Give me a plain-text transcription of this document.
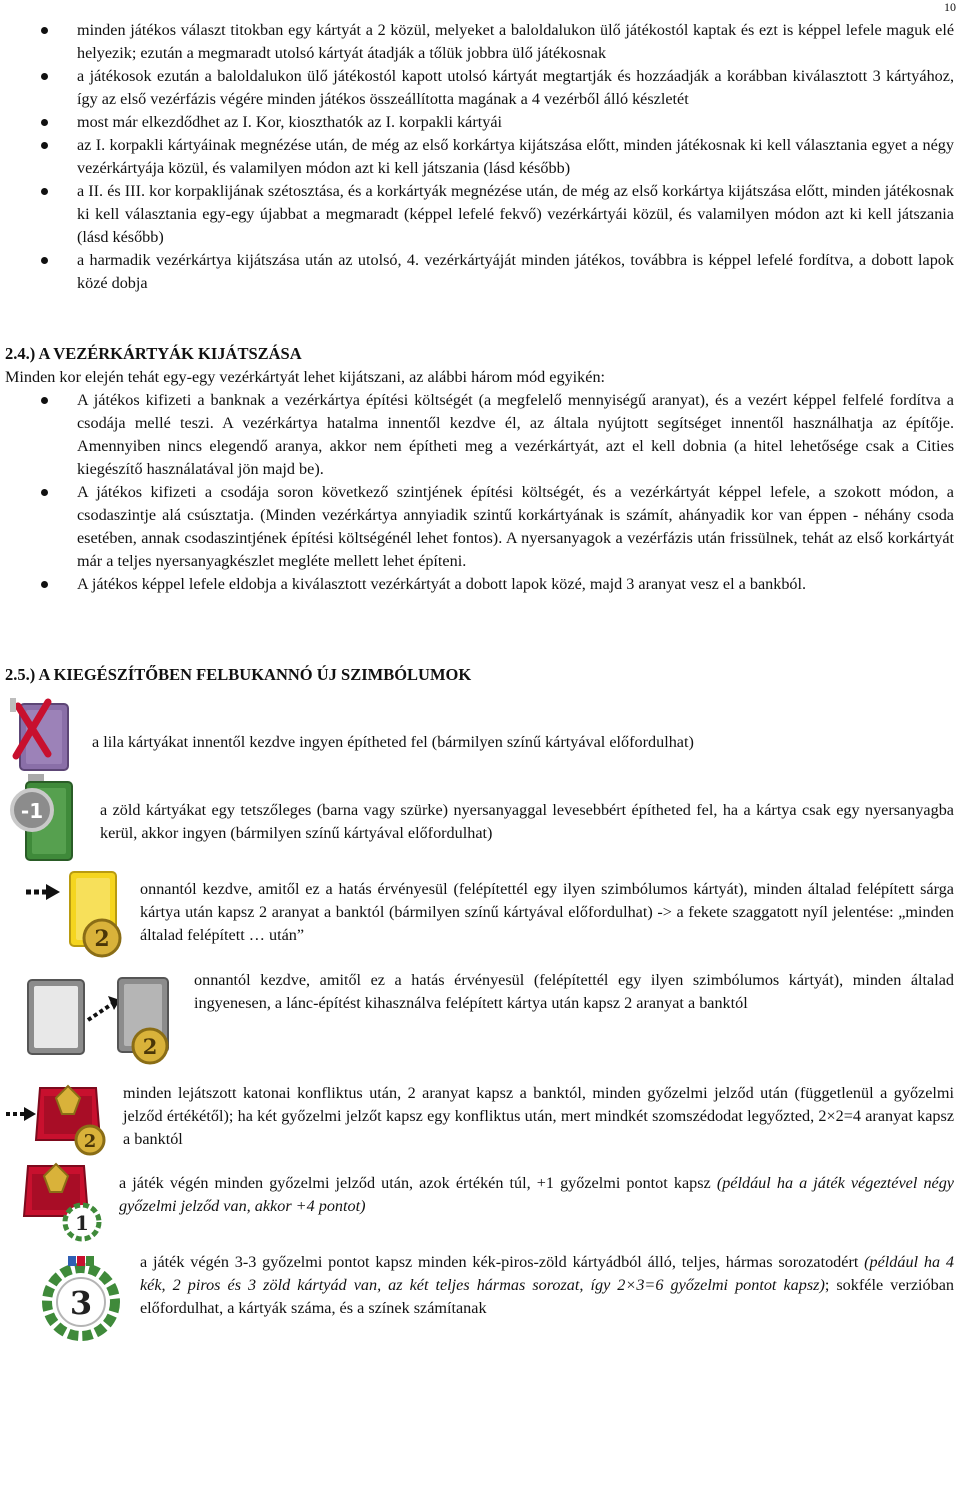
10
minden játékos választ titokban egy kártyát a 2 közül, melyeket a baloldalukon ülő játékostól kaptak és ezt is képpel lefele maguk elé helyezik; ezután a megmaradt utolsó kártyát átadják a tőlük jobbra ülő játékosnak
a játékosok ezután a baloldalukon ülő játékostól kapott utolsó kártyát megtartják és hozzáadják a korábban kiválasztott 3 kártyához, így az első vezérfázis végére minden játékos összeállította magának a 4 vezérből álló készletét
most már elkezdődhet az I. Kor, kioszthatók az I. korpakli kártyái
az I. korpakli kártyáinak megnézése után, de még az első korkártya kijátszása előtt, minden játékosnak ki kell választania egyet a négy vezérkártyája közül, és valamilyen módon azt ki kell játszania (lásd később)
a II. és III. kor korpaklijának szétosztása, és a korkártyák megnézése után, de még az első korkártya kijátszása előtt, minden játékosnak ki kell választania egy-egy újabbat a megmaradt (képpel lefelé fekvő) vezérkártyái közül, és valamilyen módon azt ki kell játszania (lásd később)
a harmadik vezérkártya kijátszása után az utolsó, 4. vezérkártyáját minden játékos, továbbra is képpel lefelé fordítva, a dobott lapok közé dobja
2.4.) A VEZÉRKÁRTYÁK KIJÁTSZÁSA

Minden kor elején tehát egy-egy vezérkártyát lehet kijátszani, az alábbi három mód egyikén:

A játékos kifizeti a banknak a vezérkártya építési költségét (a megfelelő mennyiségű aranyat), és a vezért képpel felfelé fordítva a csodája mellé teszi. A vezérkártya hatalma innentől kezdve él, az általa nyújtott segítséget innentől használhatja az építője. Amennyiben nincs elegendő aranya, akkor nem építheti meg a vezérkártyát, azt el kell dobnia (a hitel lehetősége csak a Cities kiegészítő használatával jön majd be).
A játékos kifizeti a csodája soron következő szintjének építési költségét, és a vezérkártyát képpel lefele, a szokott módon, a csodaszintje alá csúsztatja. (Minden vezérkártya annyiadik szintű korkártyának is számít, ahányadik kor van éppen - néhány csoda esetében, annak csodaszintjének építési költségénél lehet fontos). A nyersanyagok a vezérfázis után frissülnek, tehát az első korkártyát már a teljes nyersanyagkészlet megléte mellett lehet építeni.
A játékos képpel lefele eldobja a kiválasztott vezérkártyát a dobott lapok közé, majd 3 aranyat vesz el a bankból.
2.5.) A KIEGÉSZÍTŐBEN FELBUKANNÓ ÚJ SZIMBÓLUMOK

a lila kártyákat innentől kezdve ingyen építheted fel (bármilyen színű kártyával előfordulhat)

-1	a zöld kártyákat egy tetszőleges (barna vagy szürke) nyersanyaggal levesebbért építheted fel, ha a kártya csak egy nyersanyagba kerül, akkor ingyen (bármilyen színű kártyával előfordulhat)

2

onnantól kezdve, amitől ez a hatás érvényesül (felépítettél egy ilyen szimbólumos kártyát), minden általad felépített sárga kártya után kapsz 2 aranyat a banktól (bármilyen színű kártyával előfordulhat) -> a fekete szaggatott nyíl jelentése: „minden általad felépített … után”

2

onnantól kezdve, amitől ez a hatás érvényesül (felépítettél egy ilyen szimbólumos kártyát), minden általad ingyenesen, a lánc-építést kihasználva felépített kártya után kapsz 2 aranyat a banktól

2

minden lejátszott katonai konfliktus után, 2 aranyat kapsz a banktól, minden győzelmi jelződ után (függetlenül a győzelmi jelződ értékétől); ha két győzelmi jelzőt kapsz egy konfliktus után, mert mindkét szomszédodat legyőzted, 2×2=4 aranyat kapsz a banktól

1

a játék végén minden győzelmi jelződ után, azok értékén túl, +1 győzelmi pontot kapsz (például ha a játék végeztével négy győzelmi jelződ van, akkor +4 pontot)

3

a játék végén 3-3 győzelmi pontot kapsz minden kék-piros-zöld kártyádból álló, teljes, hármas sorozatodért (például ha 4 kék, 2 piros és 3 zöld kártyád van, az két teljes hármas sorozat, így 2×3=6 győzelmi pontot kapsz); sokféle verzióban előfordulhat, a kártyák száma, és a színek számítanak
